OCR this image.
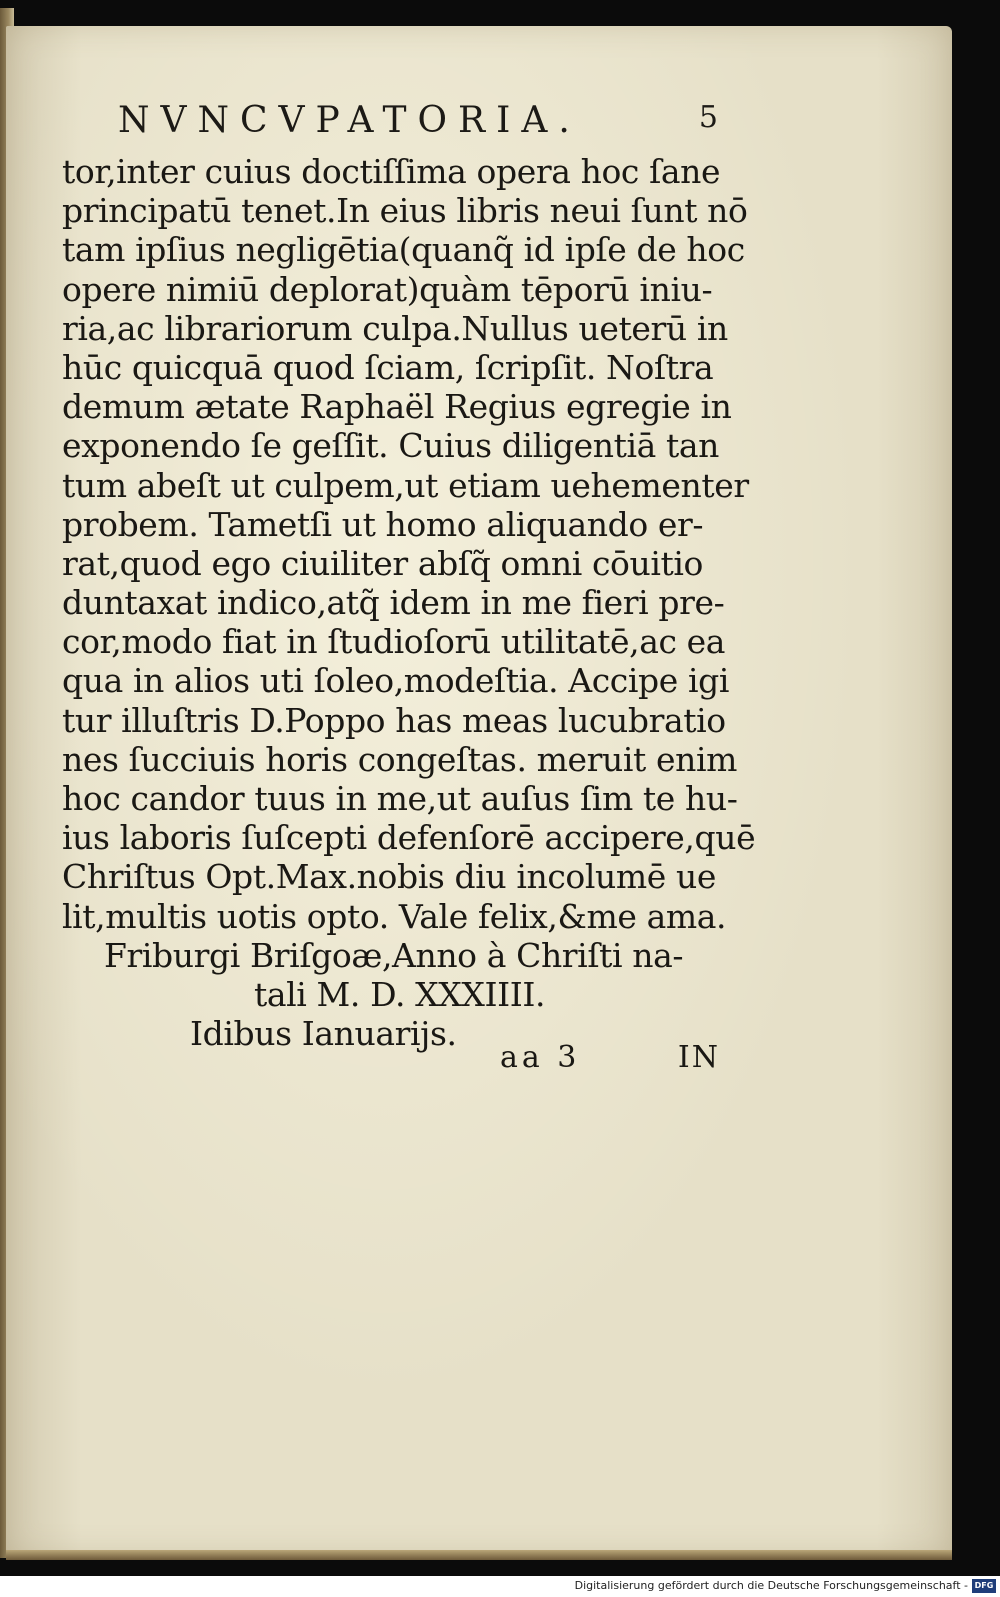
NVNCVPATORIA.	5
tor,inter cuius doctiſſima opera hoc ſane
principatū tenet.In eius libris neui ſunt nō
tam ipſius negligētia(quanq̃ id ipſe de hoc
opere nimiū deplorat)quàm tēporū iniu-
ria,ac librariorum culpa.Nullus ueterū in
hūc quicquā quod ſciam, ſcripſit. Noſtra
demum ætate Raphaël Regius egregie in
exponendo ſe geſſit. Cuius diligentiā tan
tum abeſt ut culpem,ut etiam uehementer
probem. Tametſi ut homo aliquando er-
rat,quod ego ciuiliter abſq̃ omni cōuitio
duntaxat indico,atq̃ idem in me fieri pre-
cor,modo fiat in ſtudioſorū utilitatē,ac ea
qua in alios uti ſoleo,modeſtia. Accipe igi
tur illuſtris D.Poppo has meas lucubratio
nes ſucciuis horis congeſtas. meruit enim
hoc candor tuus in me,ut auſus ſim te hu-
ius laboris ſuſcepti defenſorē accipere,quē
Chriſtus Opt.Max.nobis diu incolumē ue
lit,multis uotis opto. Vale felix,&me ama.
Friburgi Briſgoæ,Anno à Chriſti na-
tali M. D. XXXIIII.
Idibus Ianuarijs.
aa 3	IN
Digitalisierung gefördert durch die Deutsche Forschungsgemeinschaft - DFG
